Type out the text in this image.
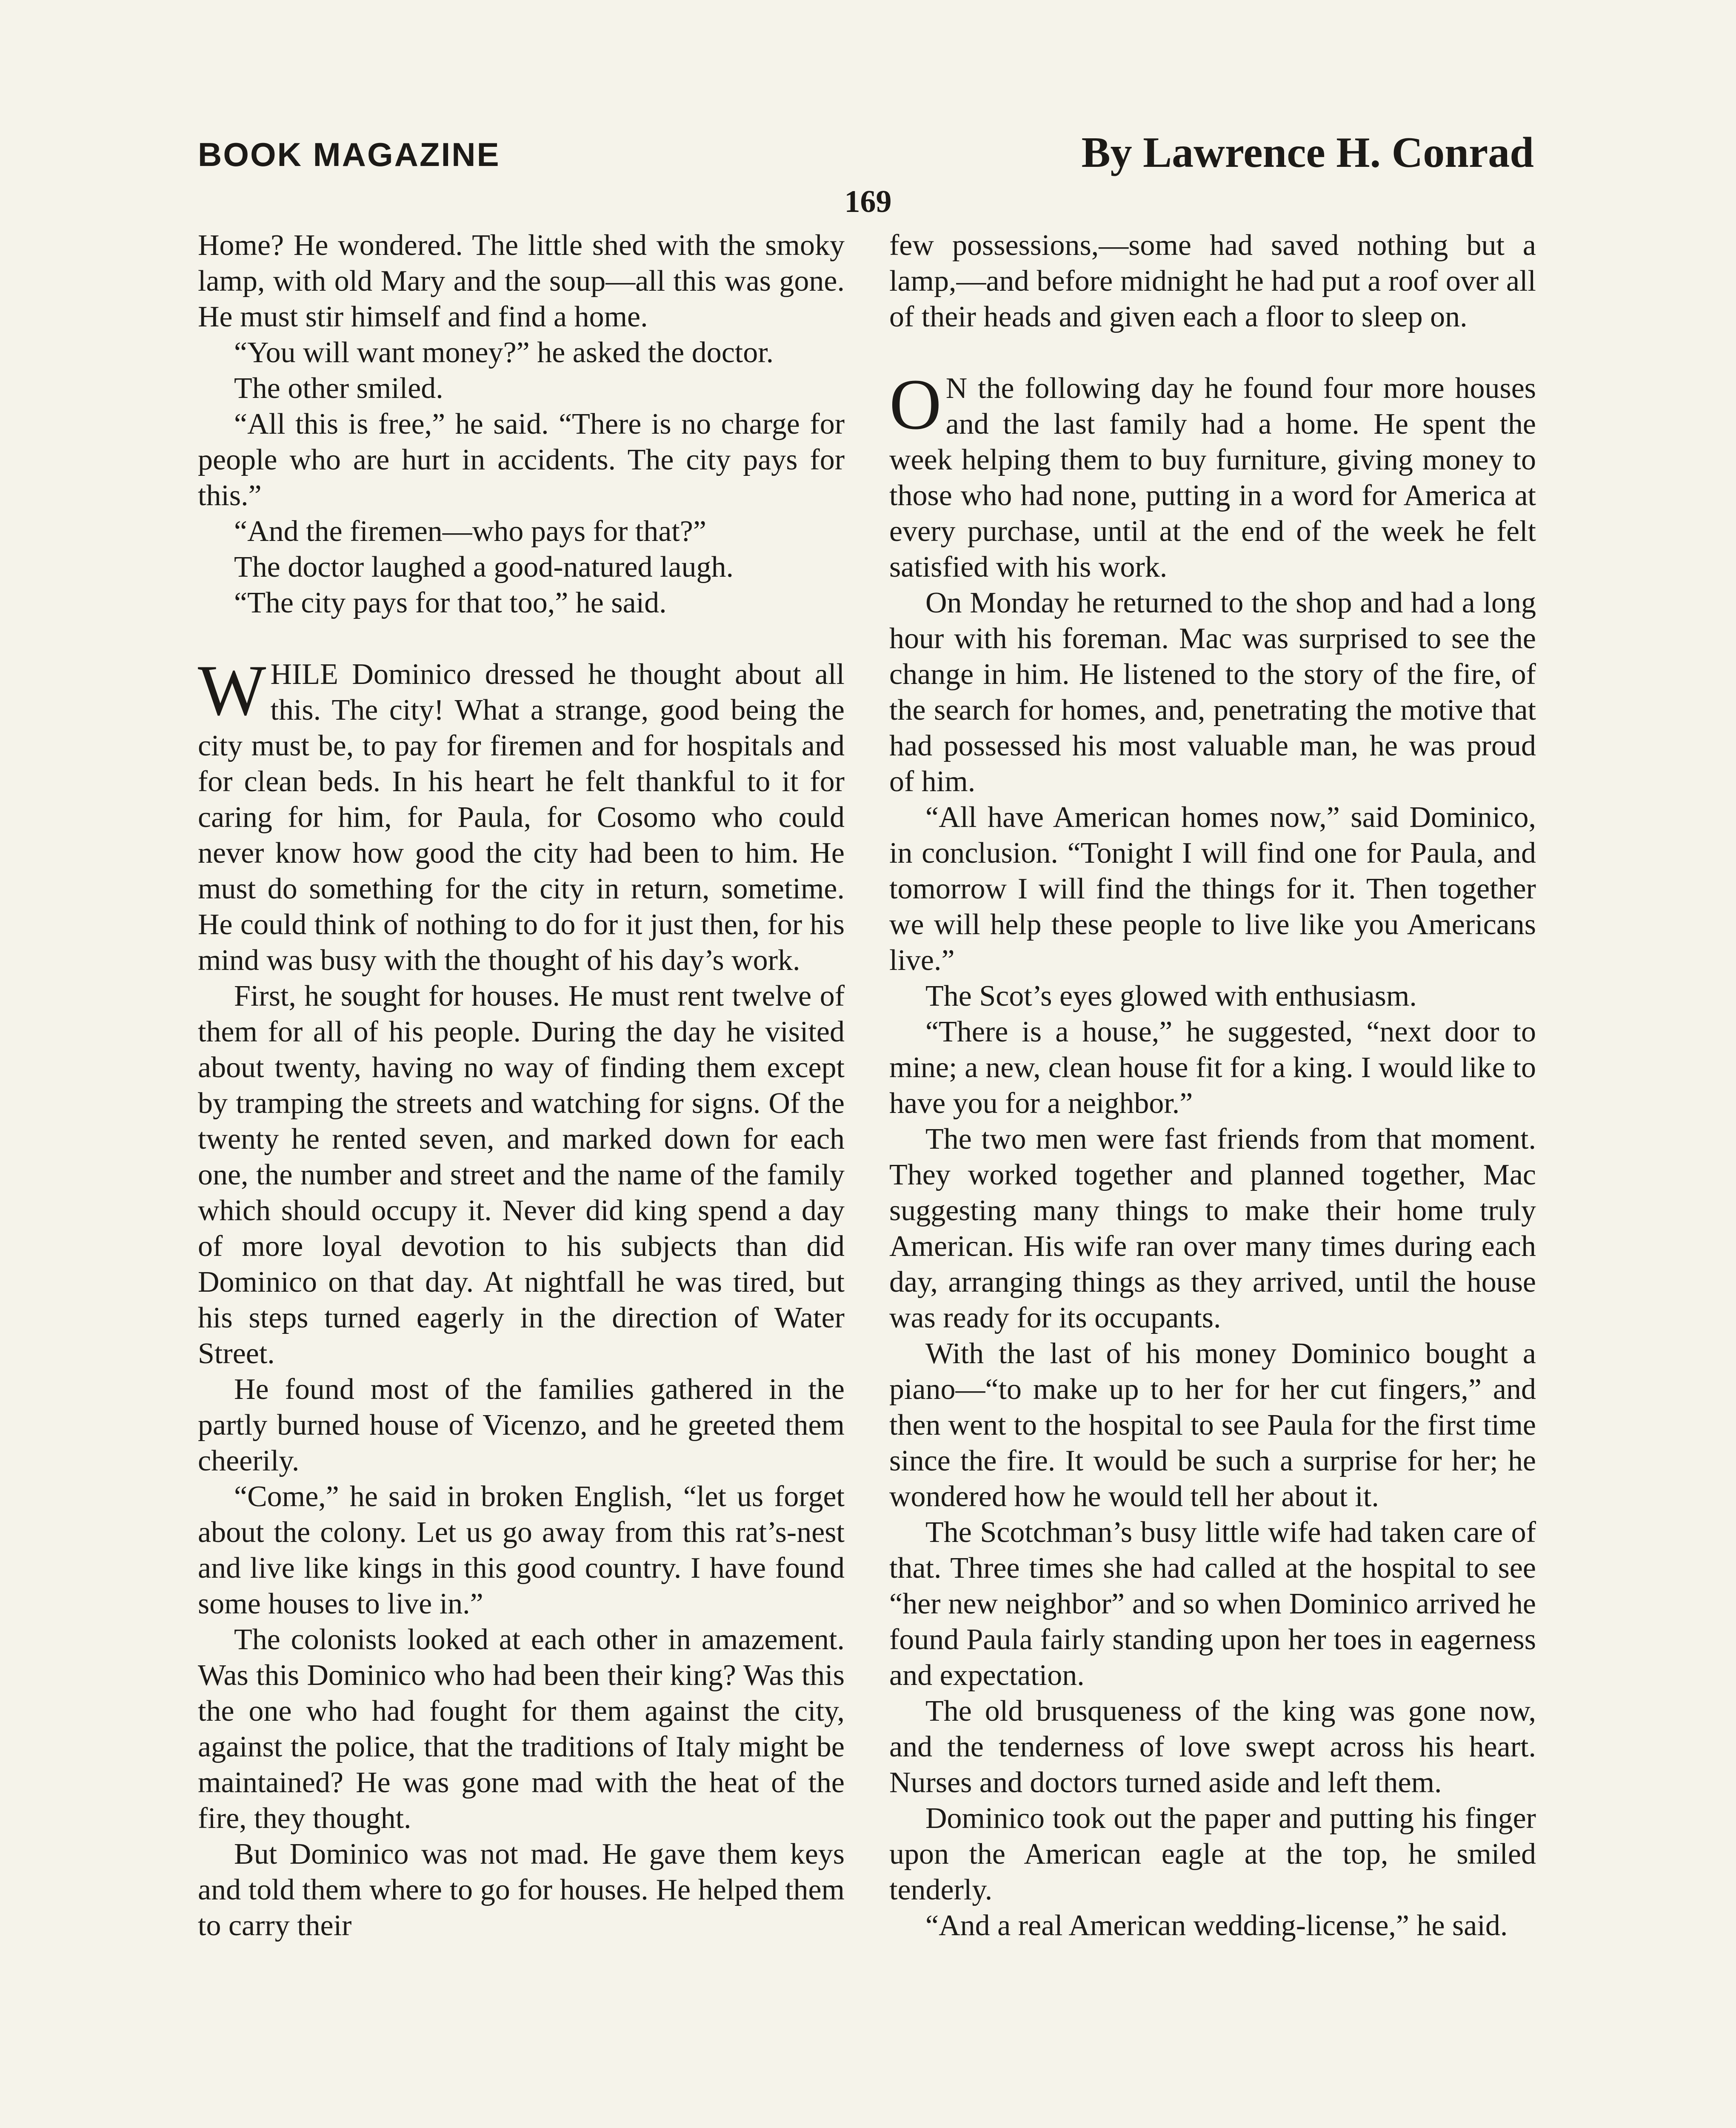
BOOK MAGAZINE	By Lawrence H. Conrad
169

Home? He wondered. The little shed with the smoky lamp, with old Mary and the soup—all this was gone. He must stir himself and find a home.

“You will want money?” he asked the doctor.

The other smiled.

“All this is free,” he said. “There is no charge for people who are hurt in accidents. The city pays for this.”

“And the firemen—who pays for that?”

The doctor laughed a good-natured laugh.

“The city pays for that too,” he said.

WHILE Dominico dressed he thought about all this. The city! What a strange, good being the city must be, to pay for firemen and for hospitals and for clean beds. In his heart he felt thankful to it for caring for him, for Paula, for Cosomo who could never know how good the city had been to him. He must do something for the city in return, sometime. He could think of nothing to do for it just then, for his mind was busy with the thought of his day’s work.

First, he sought for houses. He must rent twelve of them for all of his people. During the day he visited about twenty, having no way of finding them except by tramping the streets and watching for signs. Of the twenty he rented seven, and marked down for each one, the number and street and the name of the family which should occupy it. Never did king spend a day of more loyal devotion to his subjects than did Dominico on that day. At nightfall he was tired, but his steps turned eagerly in the direction of Water Street.

He found most of the families gathered in the partly burned house of Vicenzo, and he greeted them cheerily.

“Come,” he said in broken English, “let us forget about the colony. Let us go away from this rat’s-nest and live like kings in this good country. I have found some houses to live in.”

The colonists looked at each other in amazement. Was this Dominico who had been their king? Was this the one who had fought for them against the city, against the police, that the traditions of Italy might be maintained? He was gone mad with the heat of the fire, they thought.

But Dominico was not mad. He gave them keys and told them where to go for houses. He helped them to carry their

few possessions,—some had saved nothing but a lamp,—and before midnight he had put a roof over all of their heads and given each a floor to sleep on.

O N the following day he found four more houses and the last family had a home. He spent the week helping them to buy furniture, giving money to those who had none, putting in a word for America at every purchase, until at the end of the week he felt satisfied with his work.

On Monday he returned to the shop and had a long hour with his foreman. Mac was surprised to see the change in him. He listened to the story of the fire, of the search for homes, and, penetrating the motive that had possessed his most valuable man, he was proud of him.

“All have American homes now,” said Dominico, in conclusion. “Tonight I will find one for Paula, and tomorrow I will find the things for it. Then together we will help these people to live like you Americans live.”

The Scot’s eyes glowed with enthusiasm.

“There is a house,” he suggested, “next door to mine; a new, clean house fit for a king. I would like to have you for a neighbor.”

The two men were fast friends from that moment. They worked together and planned together, Mac suggesting many things to make their home truly American. His wife ran over many times during each day, arranging things as they arrived, until the house was ready for its occupants.

With the last of his money Dominico bought a piano—“to make up to her for her cut fingers,” and then went to the hospital to see Paula for the first time since the fire. It would be such a surprise for her; he wondered how he would tell her about it.

The Scotchman’s busy little wife had taken care of that. Three times she had called at the hospital to see “her new neighbor” and so when Dominico arrived he found Paula fairly standing upon her toes in eagerness and expectation.

The old brusqueness of the king was gone now, and the tenderness of love swept across his heart. Nurses and doctors turned aside and left them.

Dominico took out the paper and putting his finger upon the American eagle at the top, he smiled tenderly.

“And a real American wedding-license,” he said.
